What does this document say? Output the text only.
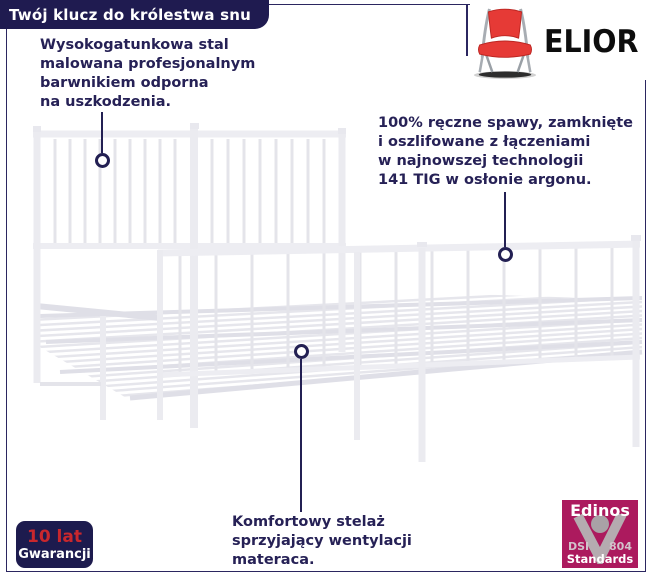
Twój klucz do królestwa snu
ELIOR
Wysokogatunkowa stal
malowana profesjonalnym
barwnikiem odporna
na uszkodzenia.
100% ręczne spawy, zamknięte
i oszlifowane z łączeniami
w najnowszej technologii
141 TIG w osłonie argonu.
Komfortowy stelaż
sprzyjający wentylacji
materaca.
10 lat
Gwarancji
Edinos
DSI 804
Standards
